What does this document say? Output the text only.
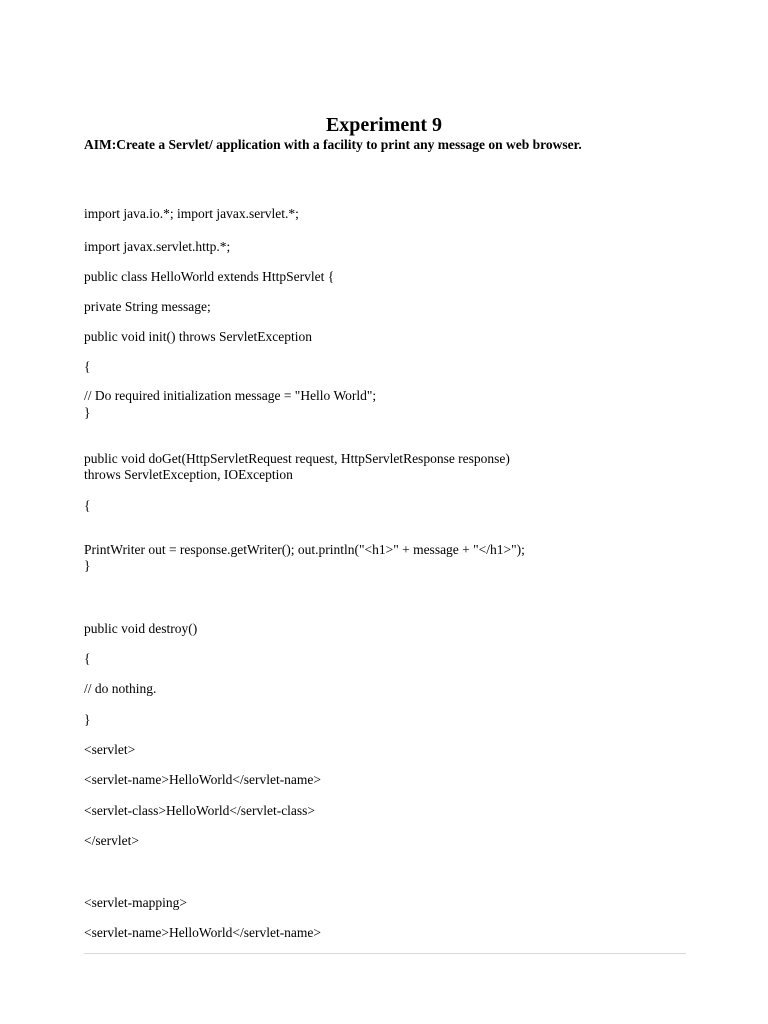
Experiment 9
AIM:Create a Servlet/ application with a facility to print any message on web browser.
import java.io.*; import javax.servlet.*;
import javax.servlet.http.*;
public class HelloWorld extends HttpServlet {
private String message;
public void init() throws ServletException
{
// Do required initialization message = "Hello World";
}
public void doGet(HttpServletRequest request, HttpServletResponse response)
throws ServletException, IOException
{
PrintWriter out = response.getWriter(); out.println("<h1>" + message + "</h1>");
}
public void destroy()
{
// do nothing.
}
<servlet>
<servlet-name>HelloWorld</servlet-name>
<servlet-class>HelloWorld</servlet-class>
</servlet>
<servlet-mapping>
<servlet-name>HelloWorld</servlet-name>
